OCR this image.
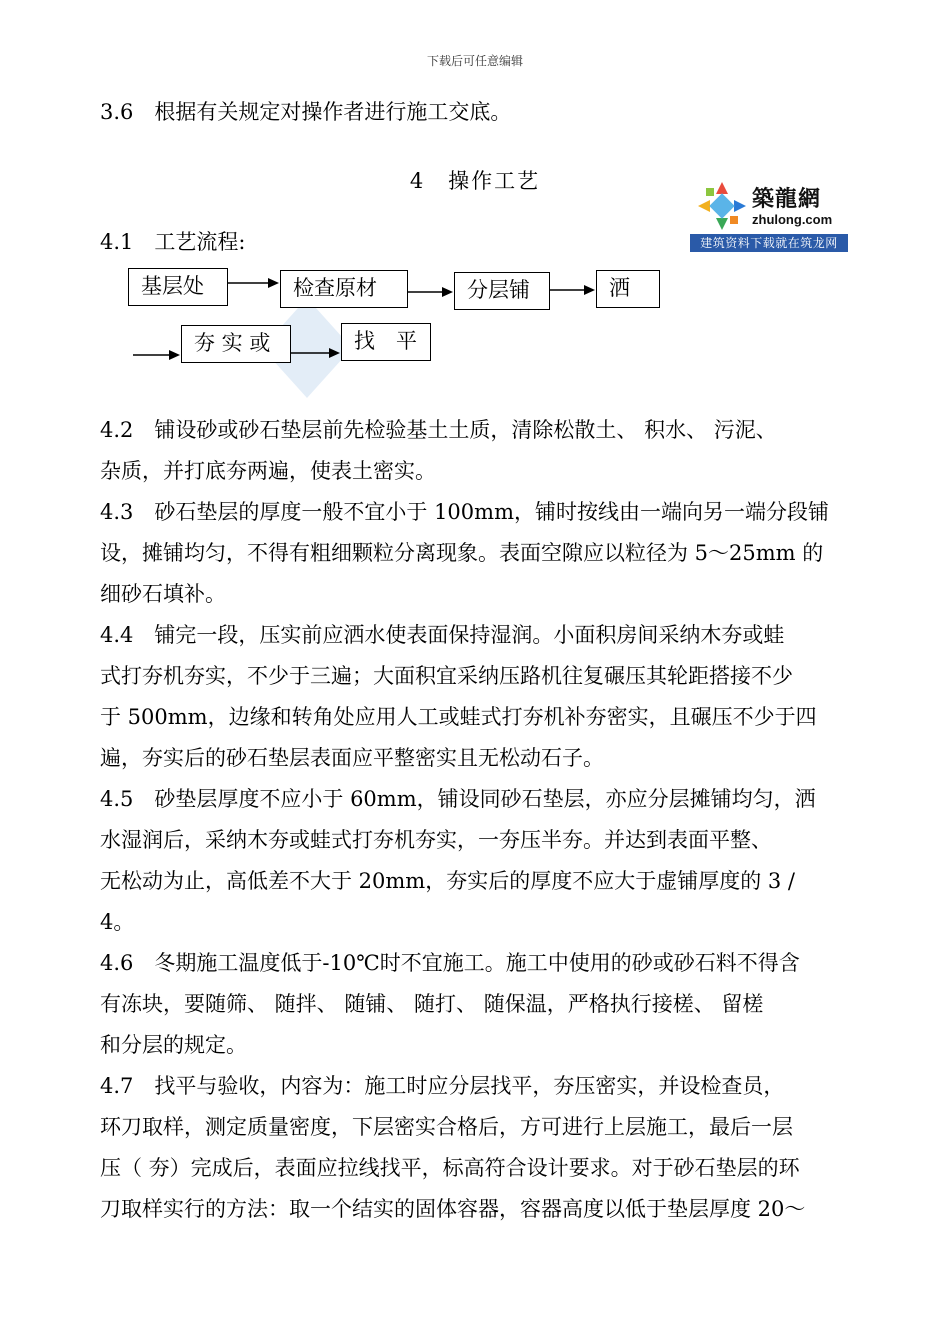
下载后可任意编辑
3.6　根据有关规定对操作者进行施工交底。
4　操作工艺
築龍網
zhulong.com
建筑资料下载就在筑龙网
4.1　工艺流程:
基层处	检查原材	分层铺	洒
夯 实 或	找　平
4.2　铺设砂或砂石垫层前先检验基土土质，清除松散土、 积水、 污泥、
杂质，并打底夯两遍，使表土密实。
4.3　砂石垫层的厚度一般不宜小于 100mm，铺时按线由一端向另一端分段铺
设，摊铺均匀，不得有粗细颗粒分离现象。表面空隙应以粒径为 5～25mm 的
细砂石填补。
4.4　铺完一段，压实前应洒水使表面保持湿润。小面积房间采纳木夯或蛙
式打夯机夯实，不少于三遍；大面积宜采纳压路机往复碾压其轮距搭接不少
于 500mm，边缘和转角处应用人工或蛙式打夯机补夯密实，且碾压不少于四
遍，夯实后的砂石垫层表面应平整密实且无松动石子。
4.5　砂垫层厚度不应小于 60mm，铺设同砂石垫层，亦应分层摊铺均匀，洒
水湿润后，采纳木夯或蛙式打夯机夯实，一夯压半夯。并达到表面平整、
无松动为止，高低差不大于 20mm，夯实后的厚度不应大于虚铺厚度的 3 /
4。
4.6　冬期施工温度低于-10℃时不宜施工。施工中使用的砂或砂石料不得含
有冻块，要随筛、 随拌、 随铺、 随打、 随保温，严格执行接槎、 留槎
和分层的规定。
4.7　找平与验收，内容为：施工时应分层找平，夯压密实，并设检查员，
环刀取样，测定质量密度，下层密实合格后，方可进行上层施工，最后一层
压（ 夯）完成后，表面应拉线找平，标高符合设计要求。对于砂石垫层的环
刀取样实行的方法：取一个结实的固体容器，容器高度以低于垫层厚度 20～
